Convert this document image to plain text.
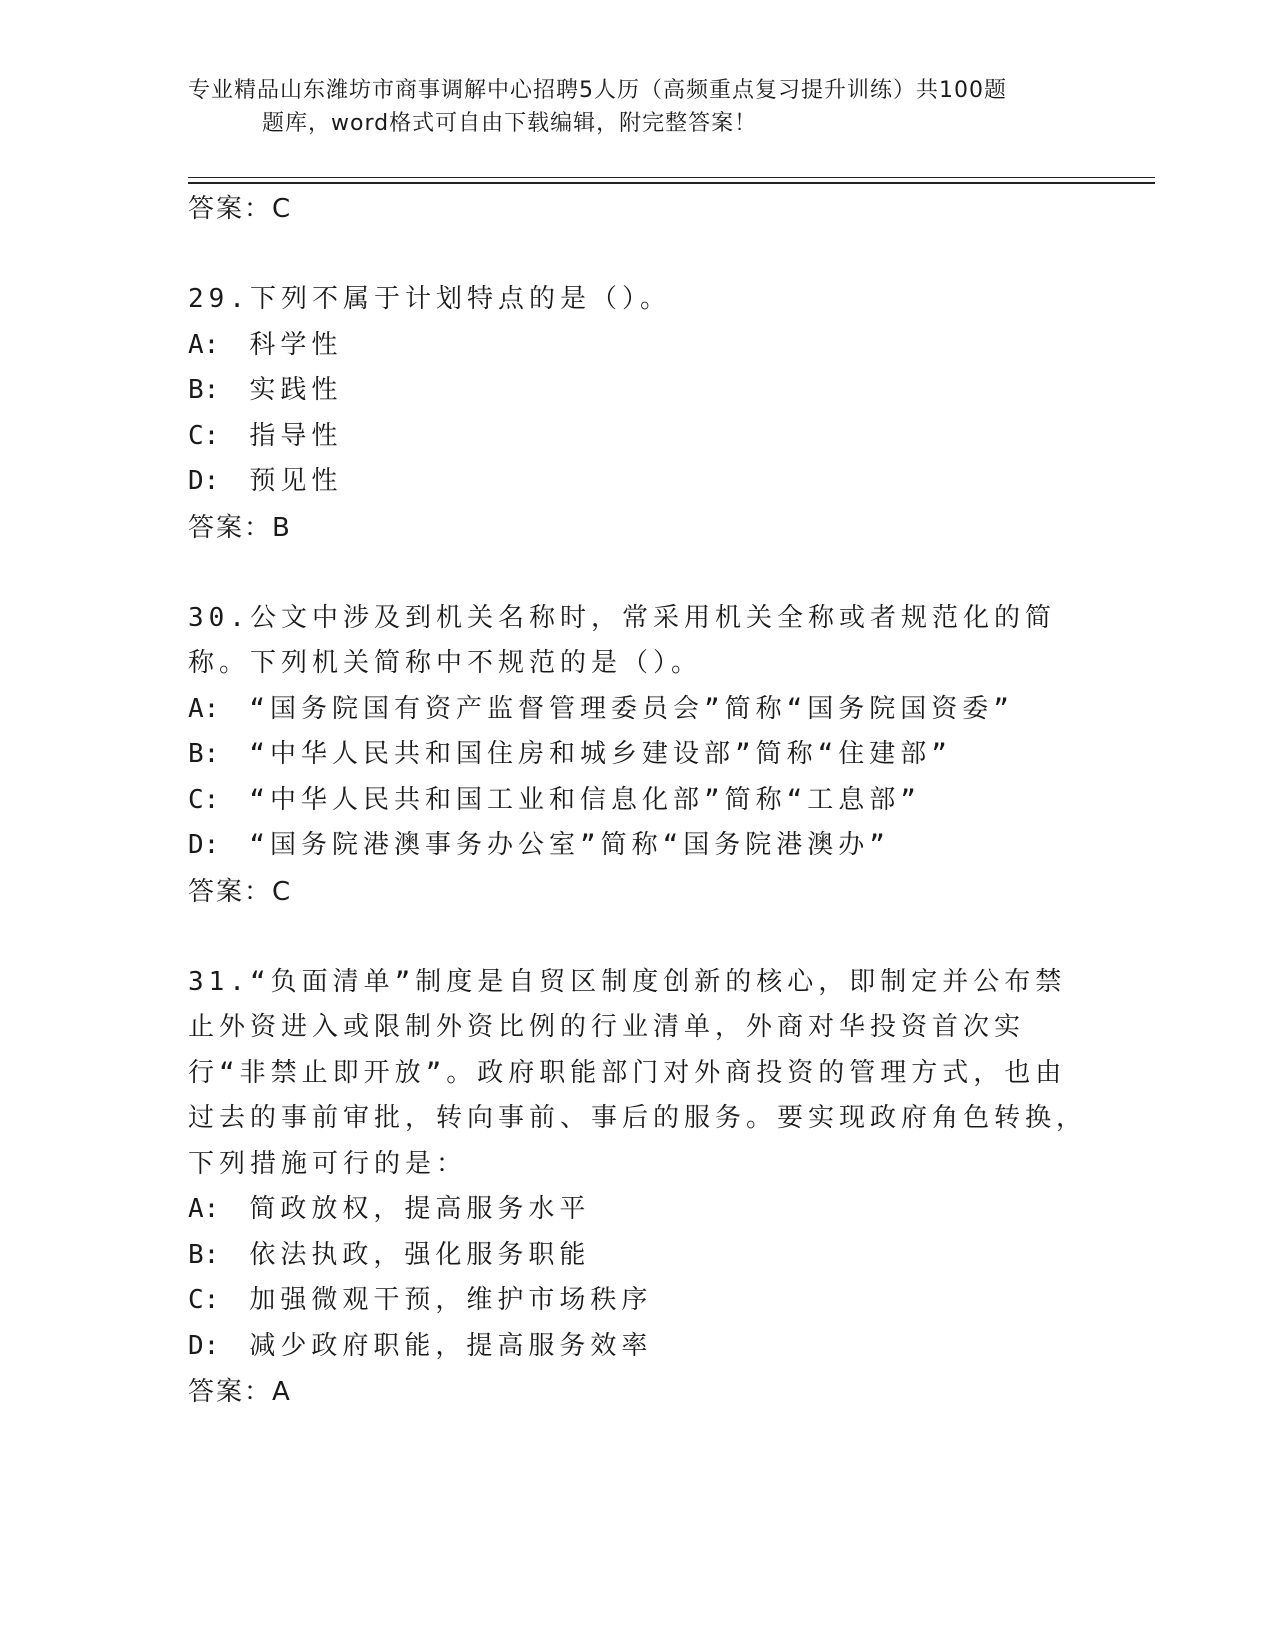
专业精品山东潍坊市商事调解中心招聘5人历（高频重点复习提升训练）共100题
题库，word格式可自由下载编辑，附完整答案！
答案：C
29.下列不属于计划特点的是（）。
A: 科学性
B: 实践性
C: 指导性
D: 预见性
答案：B
30.公文中涉及到机关名称时，常采用机关全称或者规范化的简称。下列机关简称中不规范的是（）。
A: “国务院国有资产监督管理委员会”简称“国务院国资委”
B: “中华人民共和国住房和城乡建设部”简称“住建部”
C: “中华人民共和国工业和信息化部”简称“工息部”
D: “国务院港澳事务办公室”简称“国务院港澳办”
答案：C
31.“负面清单”制度是自贸区制度创新的核心，即制定并公布禁止外资进入或限制外资比例的行业清单，外商对华投资首次实行“非禁止即开放”。政府职能部门对外商投资的管理方式，也由过去的事前审批，转向事前、事后的服务。要实现政府角色转换，下列措施可行的是：
A: 简政放权，提高服务水平
B: 依法执政，强化服务职能
C: 加强微观干预，维护市场秩序
D: 减少政府职能，提高服务效率
答案：A
